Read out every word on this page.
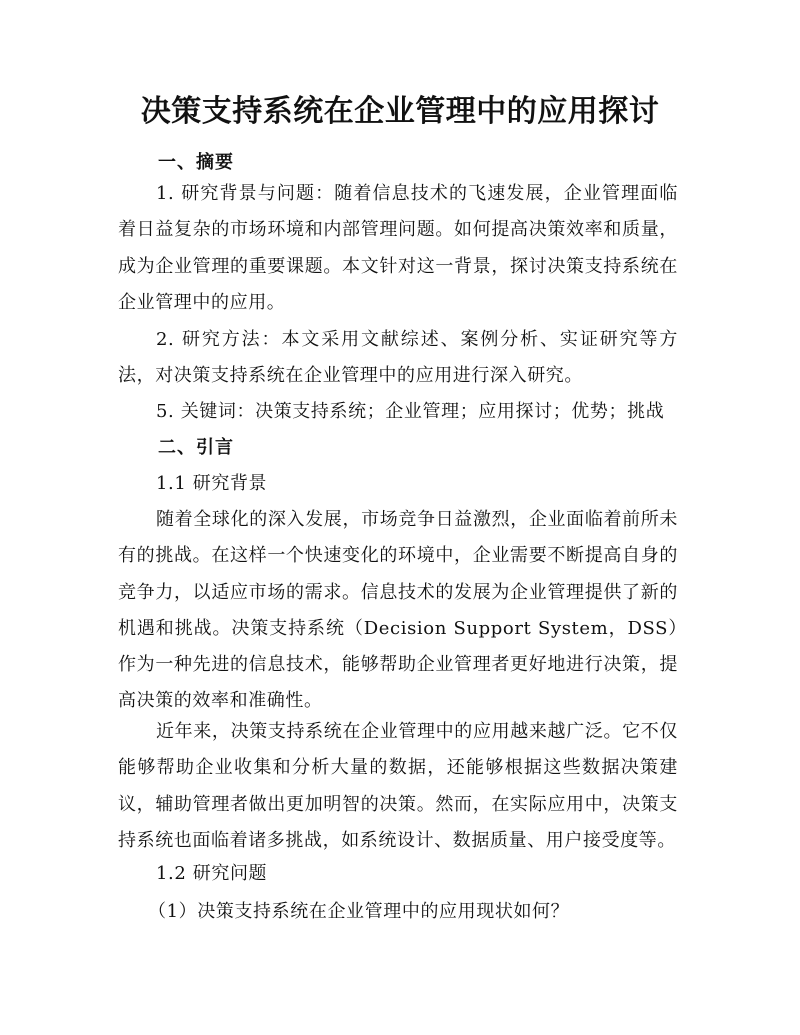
决策支持系统在企业管理中的应用探讨
一、摘要
1. 研究背景与问题：随着信息技术的飞速发展，企业管理面临着日益复杂的市场环境和内部管理问题。如何提高决策效率和质量，成为企业管理的重要课题。本文针对这一背景，探讨决策支持系统在企业管理中的应用。
2. 研究方法：本文采用文献综述、案例分析、实证研究等方法，对决策支持系统在企业管理中的应用进行深入研究。
5. 关键词：决策支持系统；企业管理；应用探讨；优势；挑战
二、引言
1.1 研究背景
随着全球化的深入发展，市场竞争日益激烈，企业面临着前所未有的挑战。在这样一个快速变化的环境中，企业需要不断提高自身的竞争力，以适应市场的需求。信息技术的发展为企业管理提供了新的机遇和挑战。决策支持系统（Decision Support System，DSS）作为一种先进的信息技术，能够帮助企业管理者更好地进行决策，提高决策的效率和准确性。
近年来，决策支持系统在企业管理中的应用越来越广泛。它不仅能够帮助企业收集和分析大量的数据，还能够根据这些数据决策建议，辅助管理者做出更加明智的决策。然而，在实际应用中，决策支持系统也面临着诸多挑战，如系统设计、数据质量、用户接受度等。
1.2 研究问题
（1）决策支持系统在企业管理中的应用现状如何？
